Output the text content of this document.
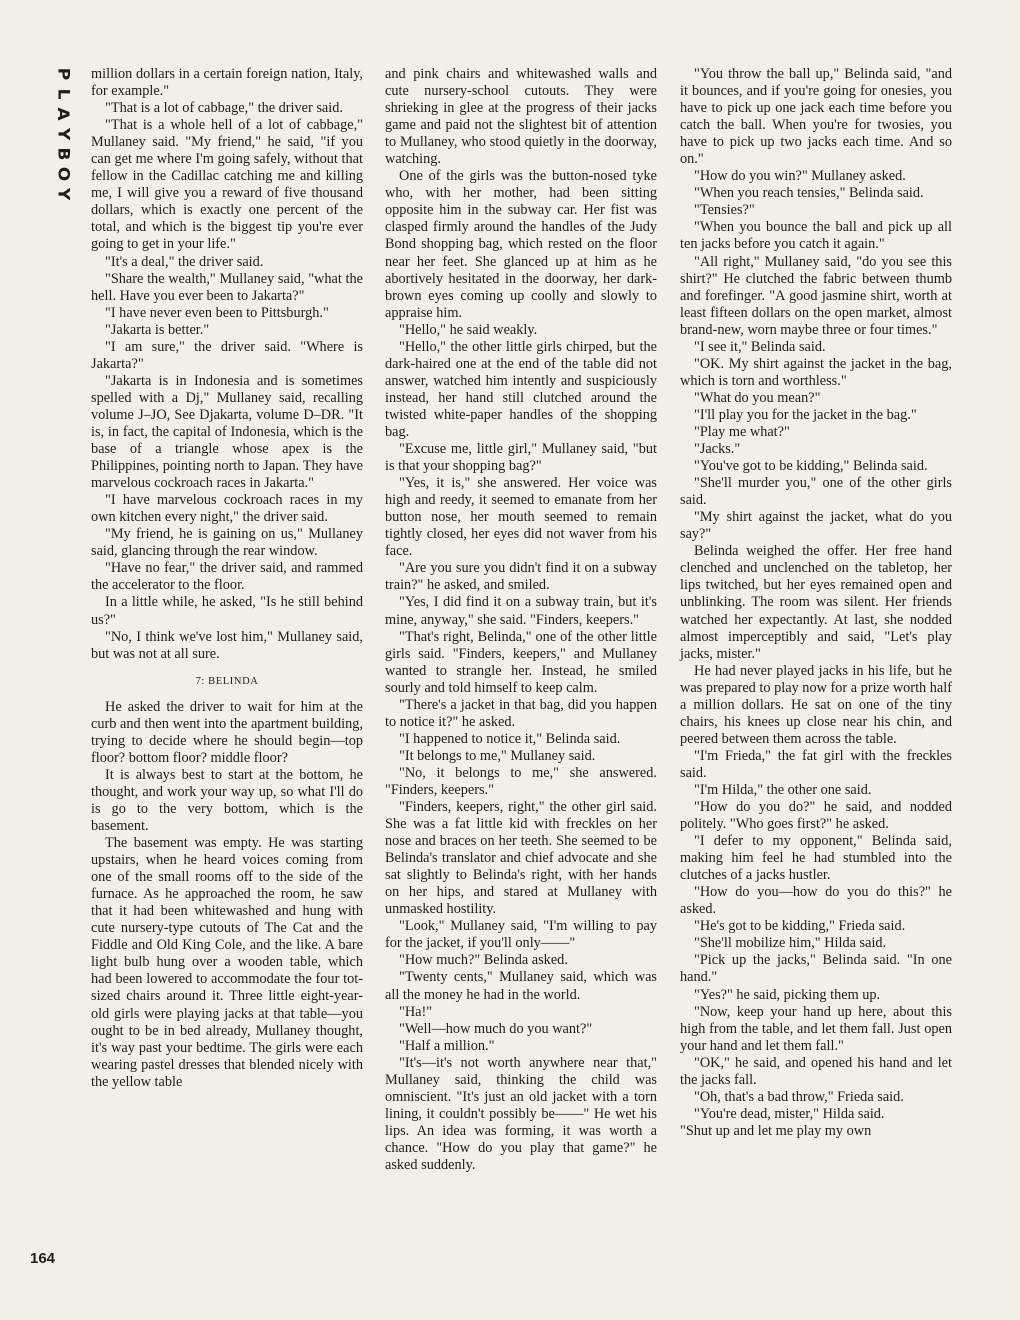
P
L
A
Y
B
O
Y

million dollars in a certain foreign nation, Italy, for example."

"That is a lot of cabbage," the driver said.

"That is a whole hell of a lot of cabbage," Mullaney said. "My friend," he said, "if you can get me where I'm going safely, without that fellow in the Cadillac catching me and killing me, I will give you a reward of five thousand dollars, which is exactly one percent of the total, and which is the biggest tip you're ever going to get in your life."

"It's a deal," the driver said.

"Share the wealth," Mullaney said, "what the hell. Have you ever been to Jakarta?"

"I have never even been to Pittsburgh."

"Jakarta is better."

"I am sure," the driver said. "Where is Jakarta?"

"Jakarta is in Indonesia and is sometimes spelled with a Dj," Mullaney said, recalling volume J–JO, See Djakarta, volume D–DR. "It is, in fact, the capital of Indonesia, which is the base of a triangle whose apex is the Philippines, pointing north to Japan. They have marvelous cockroach races in Jakarta."

"I have marvelous cockroach races in my own kitchen every night," the driver said.

"My friend, he is gaining on us," Mullaney said, glancing through the rear window.

"Have no fear," the driver said, and rammed the accelerator to the floor.

In a little while, he asked, "Is he still behind us?"

"No, I think we've lost him," Mullaney said, but was not at all sure.

7: BELINDA

He asked the driver to wait for him at the curb and then went into the apartment building, trying to decide where he should begin—top floor? bottom floor? middle floor?

It is always best to start at the bottom, he thought, and work your way up, so what I'll do is go to the very bottom, which is the basement.

The basement was empty. He was starting upstairs, when he heard voices coming from one of the small rooms off to the side of the furnace. As he approached the room, he saw that it had been whitewashed and hung with cute nursery-type cutouts of The Cat and the Fiddle and Old King Cole, and the like. A bare light bulb hung over a wooden table, which had been lowered to accommodate the four tot-sized chairs around it. Three little eight-year-old girls were playing jacks at that table—you ought to be in bed already, Mullaney thought, it's way past your bedtime. The girls were each wearing pastel dresses that blended nicely with the yellow table

and pink chairs and whitewashed walls and cute nursery-school cutouts. They were shrieking in glee at the progress of their jacks game and paid not the slightest bit of attention to Mullaney, who stood quietly in the doorway, watching.

One of the girls was the button-nosed tyke who, with her mother, had been sitting opposite him in the subway car. Her fist was clasped firmly around the handles of the Judy Bond shopping bag, which rested on the floor near her feet. She glanced up at him as he abortively hesitated in the doorway, her dark-brown eyes coming up coolly and slowly to appraise him.

"Hello," he said weakly.

"Hello," the other little girls chirped, but the dark-haired one at the end of the table did not answer, watched him intently and suspiciously instead, her hand still clutched around the twisted white-paper handles of the shopping bag.

"Excuse me, little girl," Mullaney said, "but is that your shopping bag?"

"Yes, it is," she answered. Her voice was high and reedy, it seemed to emanate from her button nose, her mouth seemed to remain tightly closed, her eyes did not waver from his face.

"Are you sure you didn't find it on a subway train?" he asked, and smiled.

"Yes, I did find it on a subway train, but it's mine, anyway," she said. "Finders, keepers."

"That's right, Belinda," one of the other little girls said. "Finders, keepers," and Mullaney wanted to strangle her. Instead, he smiled sourly and told himself to keep calm.

"There's a jacket in that bag, did you happen to notice it?" he asked.

"I happened to notice it," Belinda said.

"It belongs to me," Mullaney said.

"No, it belongs to me," she answered. "Finders, keepers."

"Finders, keepers, right," the other girl said. She was a fat little kid with freckles on her nose and braces on her teeth. She seemed to be Belinda's translator and chief advocate and she sat slightly to Belinda's right, with her hands on her hips, and stared at Mullaney with unmasked hostility.

"Look," Mullaney said, "I'm willing to pay for the jacket, if you'll only——"

"How much?" Belinda asked.

"Twenty cents," Mullaney said, which was all the money he had in the world.

"Ha!"

"Well—how much do you want?"

"Half a million."

"It's—it's not worth anywhere near that," Mullaney said, thinking the child was omniscient. "It's just an old jacket with a torn lining, it couldn't possibly be——" He wet his lips. An idea was forming, it was worth a chance. "How do you play that game?" he asked suddenly.

"You throw the ball up," Belinda said, "and it bounces, and if you're going for onesies, you have to pick up one jack each time before you catch the ball. When you're for twosies, you have to pick up two jacks each time. And so on."

"How do you win?" Mullaney asked.

"When you reach tensies," Belinda said.

"Tensies?"

"When you bounce the ball and pick up all ten jacks before you catch it again."

"All right," Mullaney said, "do you see this shirt?" He clutched the fabric between thumb and forefinger. "A good jasmine shirt, worth at least fifteen dollars on the open market, almost brand-new, worn maybe three or four times."

"I see it," Belinda said.

"OK. My shirt against the jacket in the bag, which is torn and worthless."

"What do you mean?"

"I'll play you for the jacket in the bag."

"Play me what?"

"Jacks."

"You've got to be kidding," Belinda said.

"She'll murder you," one of the other girls said.

"My shirt against the jacket, what do you say?"

Belinda weighed the offer. Her free hand clenched and unclenched on the tabletop, her lips twitched, but her eyes remained open and unblinking. The room was silent. Her friends watched her expectantly. At last, she nodded almost imperceptibly and said, "Let's play jacks, mister."

He had never played jacks in his life, but he was prepared to play now for a prize worth half a million dollars. He sat on one of the tiny chairs, his knees up close near his chin, and peered between them across the table.

"I'm Frieda," the fat girl with the freckles said.

"I'm Hilda," the other one said.

"How do you do?" he said, and nodded politely. "Who goes first?" he asked.

"I defer to my opponent," Belinda said, making him feel he had stumbled into the clutches of a jacks hustler.

"How do you—how do you do this?" he asked.

"He's got to be kidding," Frieda said.

"She'll mobilize him," Hilda said.

"Pick up the jacks," Belinda said. "In one hand."

"Yes?" he said, picking them up.

"Now, keep your hand up here, about this high from the table, and let them fall. Just open your hand and let them fall."

"OK," he said, and opened his hand and let the jacks fall.

"Oh, that's a bad throw," Frieda said.

"You're dead, mister," Hilda said.

"Shut up and let me play my own

164
